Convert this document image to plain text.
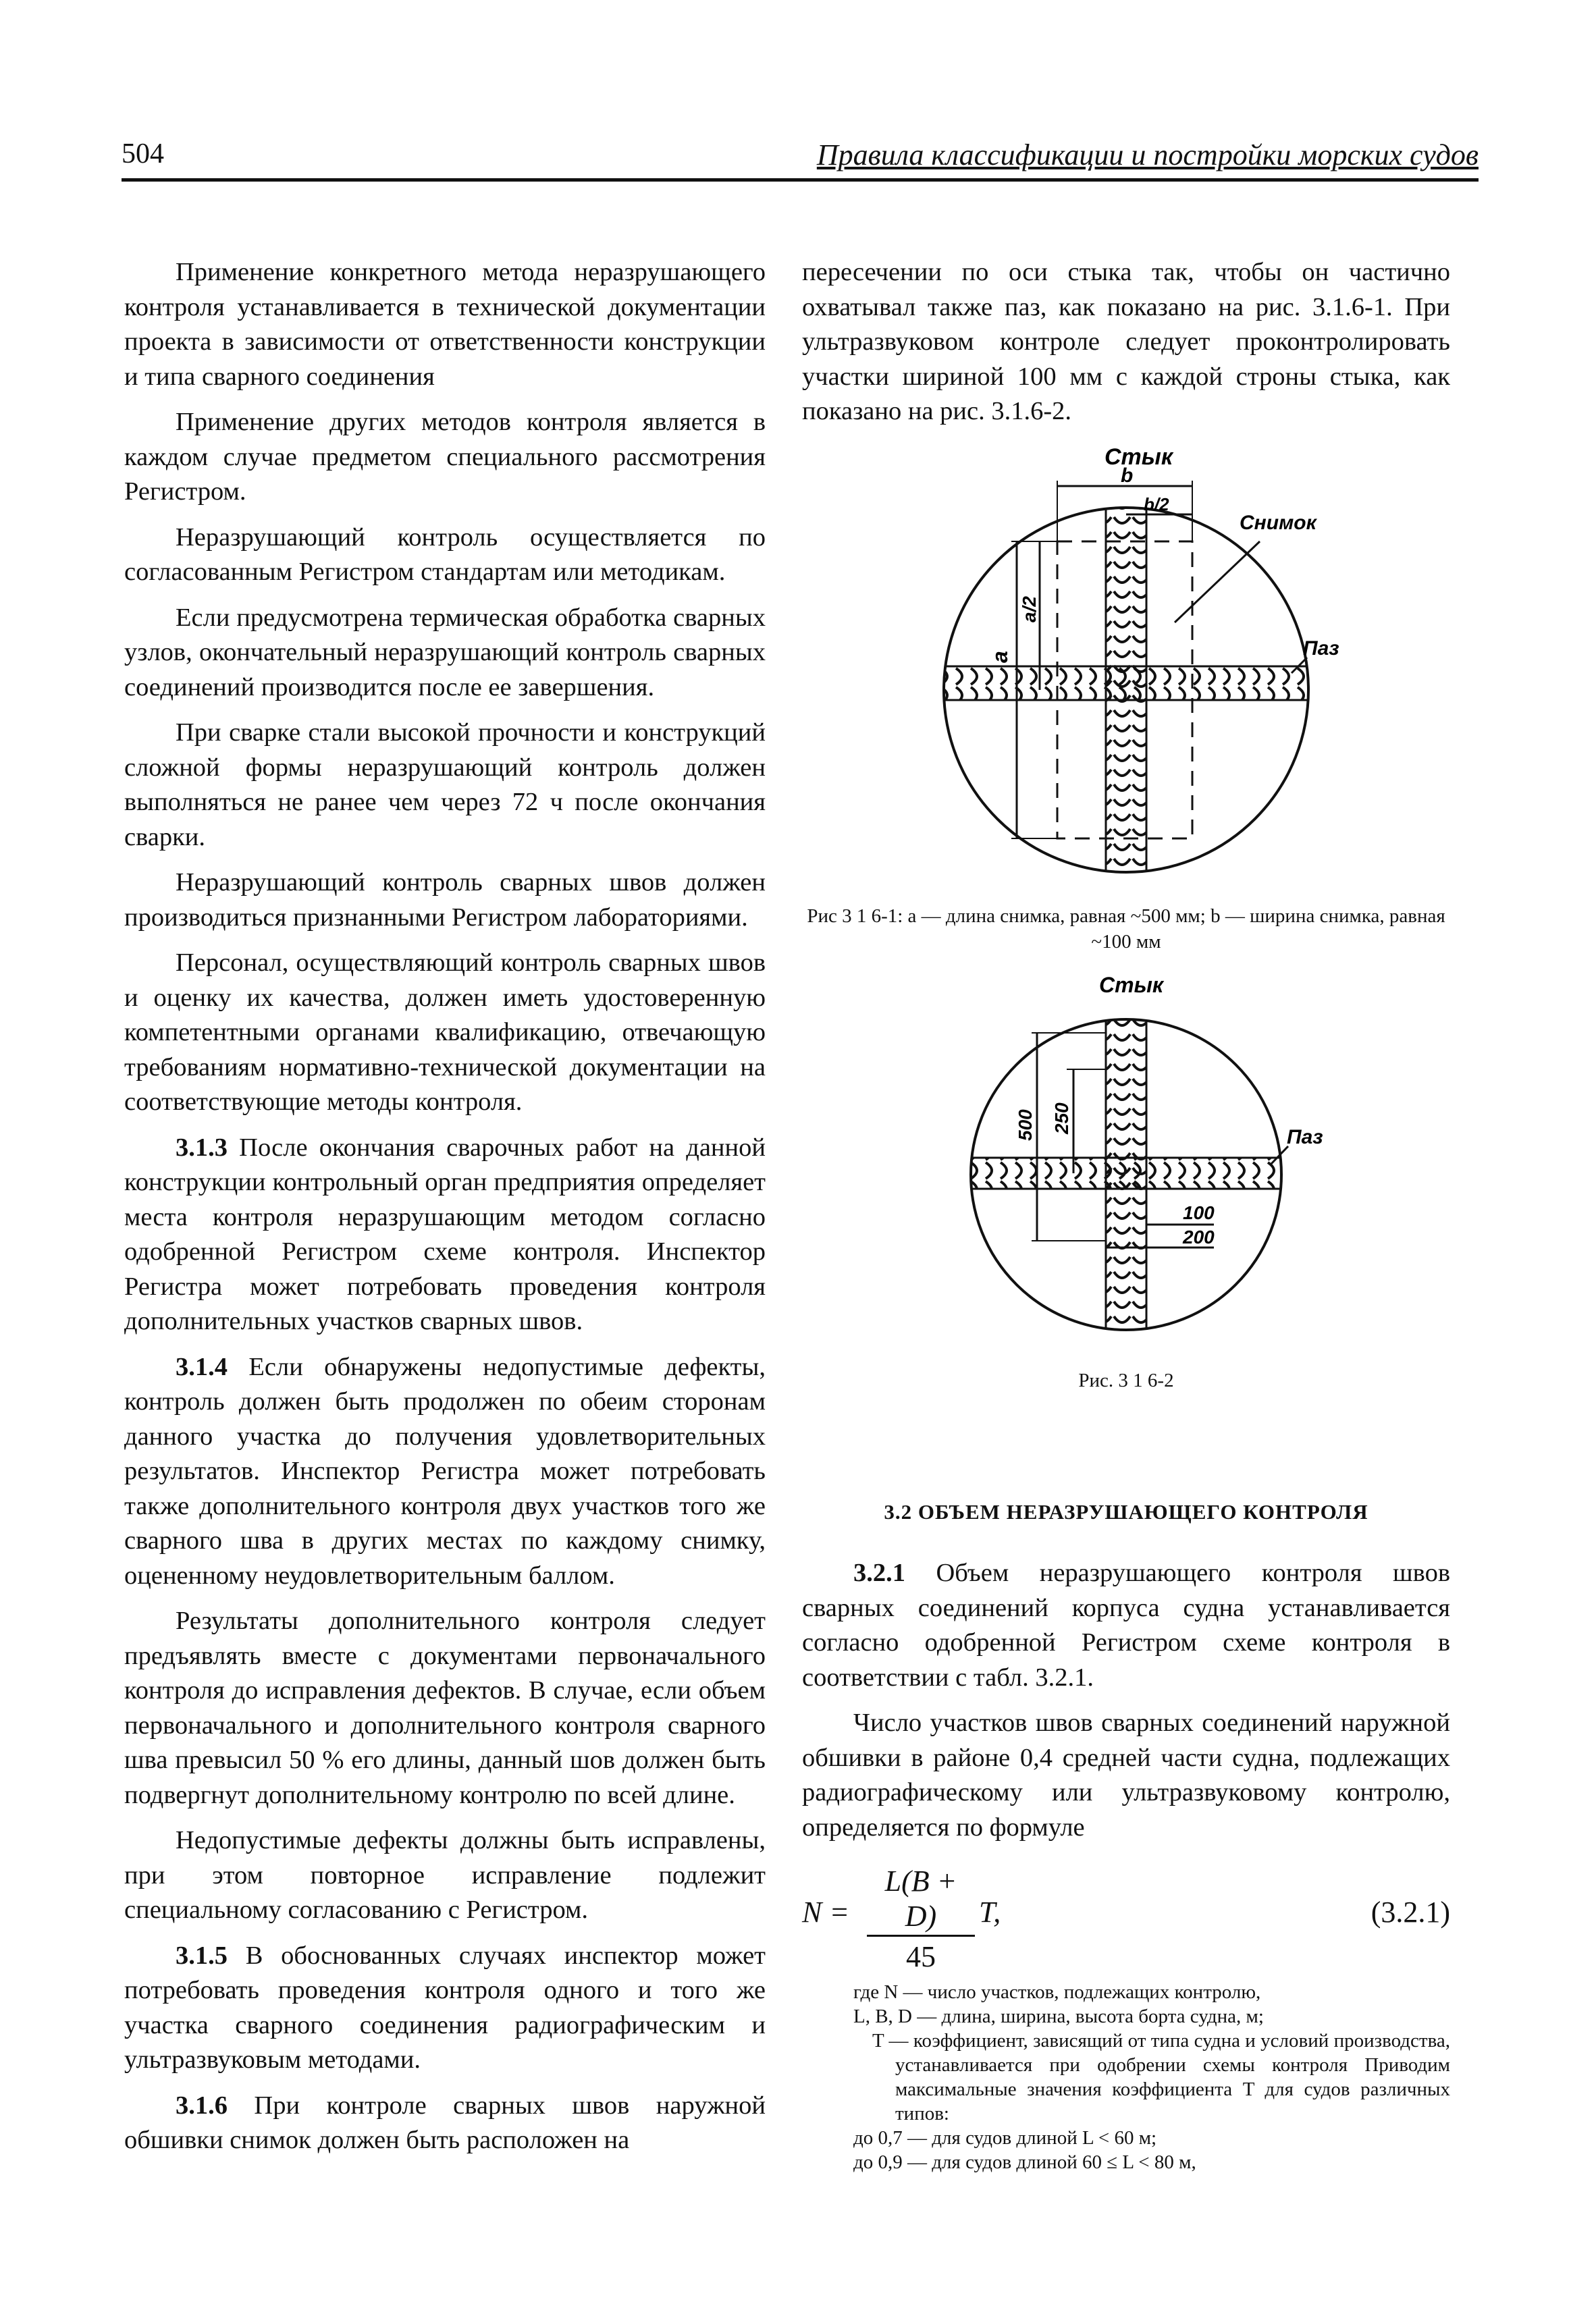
504	Правила классификации и постройки морских судов

Применение конкретного метода неразрушающего контроля устанавливается в технической документации проекта в зависимости от ответственности конструкции и типа сварного соединения

Применение других методов контроля является в каждом случае предметом специального рассмотрения Регистром.

Неразрушающий контроль осуществляется по согласованным Регистром стандартам или методикам.

Если предусмотрена термическая обработка сварных узлов, окончательный неразрушающий контроль сварных соединений производится после ее завершения.

При сварке стали высокой прочности и конструкций сложной формы неразрушающий контроль должен выполняться не ранее чем через 72 ч после окончания сварки.

Неразрушающий контроль сварных швов должен производиться признанными Регистром лабораториями.

Персонал, осуществляющий контроль сварных швов и оценку их качества, должен иметь удостоверенную компетентными органами квалификацию, отвечающую требованиям нормативно-технической документации на соответствующие методы контроля.

3.1.3 После окончания сварочных работ на данной конструкции контрольный орган предприятия определяет места контроля неразрушающим методом согласно одобренной Регистром схеме контроля. Инспектор Регистра может потребовать проведения контроля дополнительных участков сварных швов.

3.1.4 Если обнаружены недопустимые дефекты, контроль должен быть продолжен по обеим сторонам данного участка до получения удовлетворительных результатов. Инспектор Регистра может потребовать также дополнительного контроля двух участков того же сварного шва в других местах по каждому снимку, оцененному неудовлетворительным баллом.

Результаты дополнительного контроля следует предъявлять вместе с документами первоначального контроля до исправления дефектов. В случае, если объем первоначального и дополнительного контроля сварного шва превысил 50 % его длины, данный шов должен быть подвергнут дополнительному контролю по всей длине.

Недопустимые дефекты должны быть исправлены, при этом повторное исправление подлежит специальному согласованию с Регистром.

3.1.5 В обоснованных случаях инспектор может потребовать проведения контроля одного и того же участка сварного соединения радиографическим и ультразвуковым методами.

3.1.6 При контроле сварных швов наружной обшивки снимок должен быть расположен на

пересечении по оси стыка так, чтобы он частично охватывал также паз, как показано на рис. 3.1.6-1. При ультразвуковом контроле следует проконтролировать участки шириной 100 мм с каждой строны стыка, как показано на рис. 3.1.6-2.

Стык
b
b/2
a
a/2
Снимок
Паз
Рис 3 1 6-1: a — длина снимка, равная ~500 мм; b — ширина снимка, равная ~100 мм
Стык
500 250
100
200
Паз
Рис. 3 1 6-2
3.2 ОБЪЕМ НЕРАЗРУШАЮЩЕГО КОНТРОЛЯ

3.2.1 Объем неразрушающего контроля швов сварных соединений корпуса судна устанавливается согласно одобренной Регистром схеме контроля в соответствии с табл. 3.2.1.

Число участков швов сварных соединений наружной обшивки в районе 0,4 средней части судна, подлежащих радиографическому или ультразвуковому контролю, определяется по формуле

$N = \frac{L(B + D)}{45} T$,	(3.2.1)

где N — число участков, подлежащих контролю,

L, B, D — длина, ширина, высота борта судна, м;

T — коэффициент, зависящий от типа судна и условий производства, устанавливается при одобрении схемы контроля Приводим максимальные значения коэффициента T для судов различных типов:

до 0,7 — для судов длиной L < 60 м;

до 0,9 — для судов длиной 60 ≤ L < 80 м,
